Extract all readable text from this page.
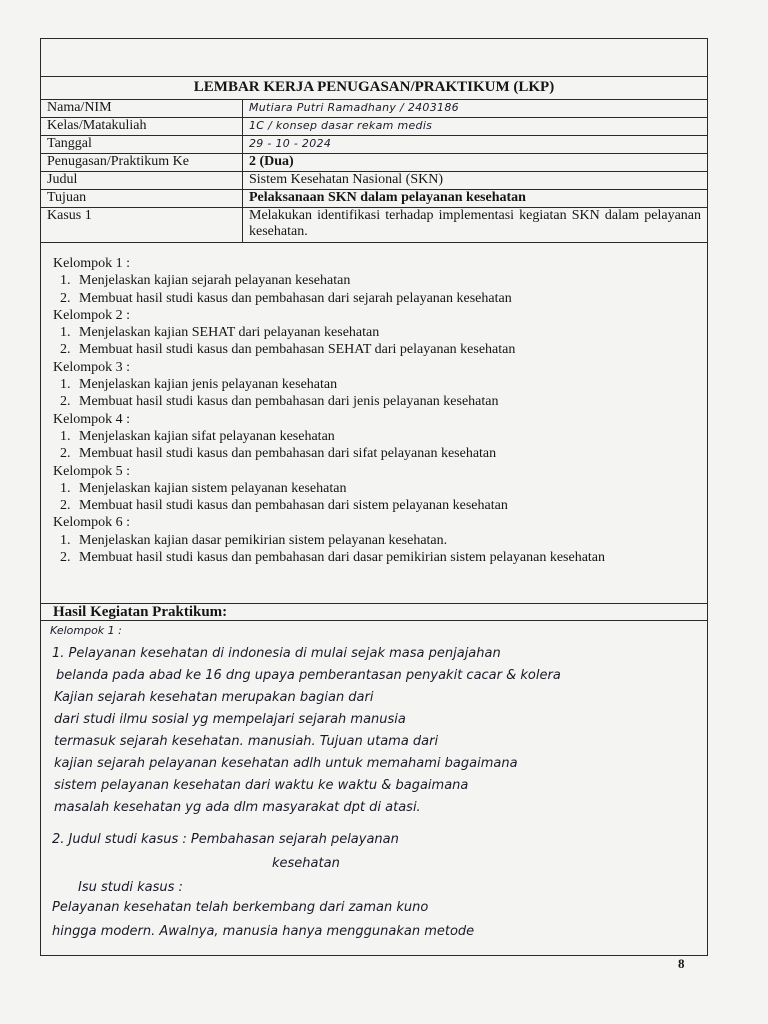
LEMBAR KERJA PENUGASAN/PRAKTIKUM (LKP)
Nama/NIM	Mutiara Putri Ramadhany / 2403186
Kelas/Matakuliah	1C / konsep dasar rekam medis
Tanggal	29 - 10 - 2024
Penugasan/Praktikum Ke	2 (Dua)
Judul	Sistem Kesehatan Nasional (SKN)
Tujuan	Pelaksanaan SKN dalam pelayanan kesehatan
Kasus 1	Melakukan identifikasi terhadap implementasi kegiatan SKN dalam pelayanan kesehatan.
Kelompok 1 :
1. Menjelaskan kajian sejarah pelayanan kesehatan
2. Membuat hasil studi kasus dan pembahasan dari sejarah pelayanan kesehatan
Kelompok 2 :
1. Menjelaskan kajian SEHAT dari pelayanan kesehatan
2. Membuat hasil studi kasus dan pembahasan SEHAT dari pelayanan kesehatan
Kelompok 3 :
1. Menjelaskan kajian jenis pelayanan kesehatan
2. Membuat hasil studi kasus dan pembahasan dari jenis pelayanan kesehatan
Kelompok 4 :
1. Menjelaskan kajian sifat pelayanan kesehatan
2. Membuat hasil studi kasus dan pembahasan dari sifat pelayanan kesehatan
Kelompok 5 :
1. Menjelaskan kajian sistem pelayanan kesehatan
2. Membuat hasil studi kasus dan pembahasan dari sistem pelayanan kesehatan
Kelompok 6 :
1. Menjelaskan kajian dasar pemikirian sistem pelayanan kesehatan.
2. Membuat hasil studi kasus dan pembahasan dari dasar pemikirian sistem pelayanan kesehatan
Hasil Kegiatan Praktikum:
Kelompok 1 :
1. Pelayanan kesehatan di indonesia di mulai sejak masa penjajahan
belanda pada abad ke 16 dng upaya pemberantasan penyakit cacar & kolera
Kajian sejarah kesehatan merupakan bagian dari
dari studi ilmu sosial yg mempelajari sejarah manusia
termasuk sejarah kesehatan. manusiah. Tujuan utama dari
kajian sejarah pelayanan kesehatan adlh untuk memahami bagaimana
sistem pelayanan kesehatan dari waktu ke waktu & bagaimana
masalah kesehatan yg ada dlm masyarakat dpt di atasi.
2. Judul studi kasus : Pembahasan sejarah pelayanan
kesehatan
Isu studi kasus :
Pelayanan kesehatan telah berkembang dari zaman kuno
hingga modern. Awalnya, manusia hanya menggunakan metode
8
